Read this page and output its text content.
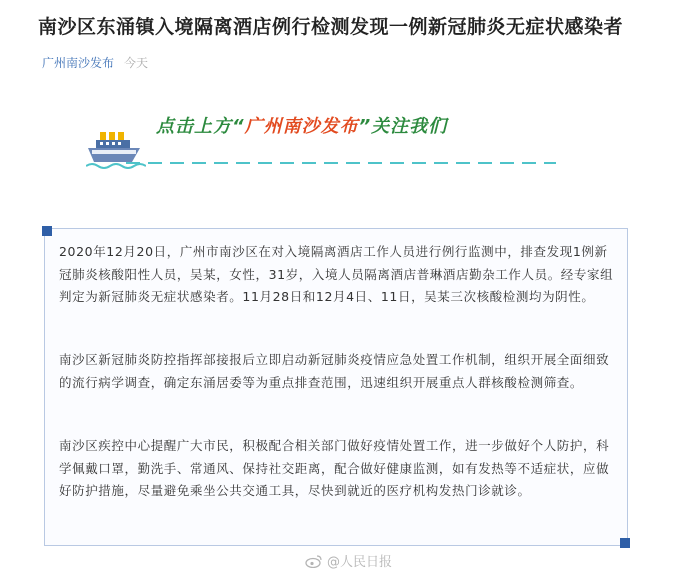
南沙区东涌镇入境隔离酒店例行检测发现一例新冠肺炎无症状感染者
广州南沙发布 今天
点击上方“广州南沙发布”关注我们

2020年12月20日，广州市南沙区在对入境隔离酒店工作人员进行例行监测中，排查发现1例新冠肺炎核酸阳性人员，吴某，女性，31岁，入境人员隔离酒店普琳酒店勤杂工作人员。经专家组判定为新冠肺炎无症状感染者。11月28日和12月4日、11日，吴某三次核酸检测均为阴性。

南沙区新冠肺炎防控指挥部接报后立即启动新冠肺炎疫情应急处置工作机制，组织开展全面细致的流行病学调查，确定东涌居委等为重点排查范围，迅速组织开展重点人群核酸检测筛查。

南沙区疾控中心提醒广大市民，积极配合相关部门做好疫情处置工作，进一步做好个人防护，科学佩戴口罩，勤洗手、常通风、保持社交距离，配合做好健康监测，如有发热等不适症状，应做好防护措施，尽量避免乘坐公共交通工具，尽快到就近的医疗机构发热门诊就诊。

@人民日报
